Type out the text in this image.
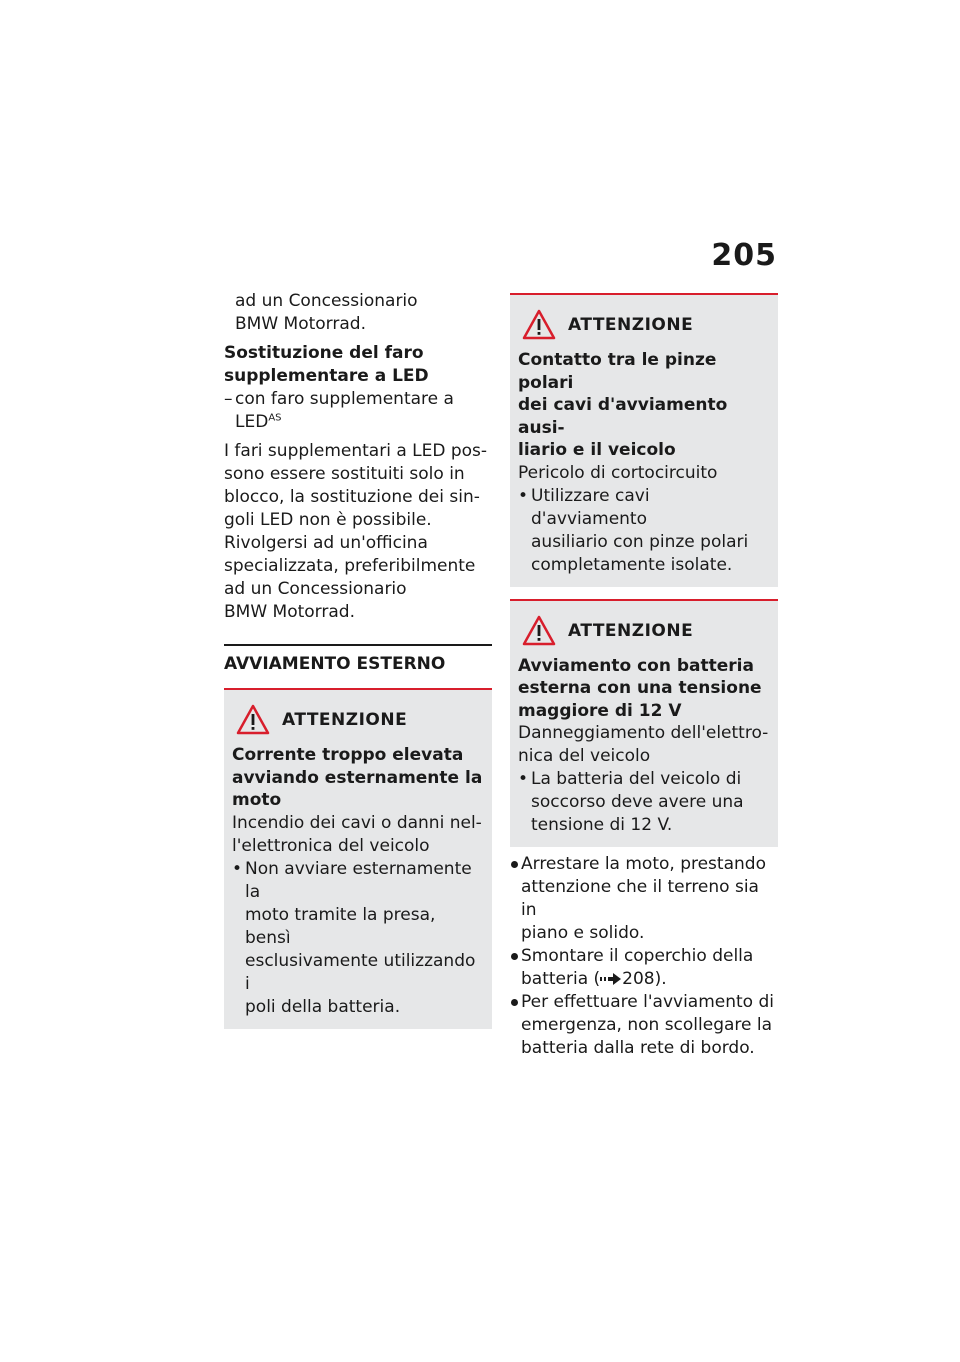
205

ad un Concessionario

BMW Motorrad.

Sostituzione del faro

supplementare a LED

– con faro supplementare a

$LED^{AS}$

I fari supplementari a LED pos-

sono essere sostituiti solo in

blocco, la sostituzione dei sin-

goli LED non è possibile.

Rivolgersi ad un'officina

specializzata, preferibilmente

ad un Concessionario

BMW Motorrad.

AVVIAMENTO ESTERNO
ATTENZIONE

Corrente troppo elevata

avviando esternamente la

moto

Incendio dei cavi o danni nel-

l'elettronica del veicolo

• Non avviare esternamente la

moto tramite la presa, bensì

esclusivamente utilizzando i

poli della batteria.

ATTENZIONE

Contatto tra le pinze polari

dei cavi d'avviamento ausi-

liario e il veicolo

Pericolo di cortocircuito

• Utilizzare cavi d'avviamento

ausiliario con pinze polari

completamente isolate.

ATTENZIONE

Avviamento con batteria

esterna con una tensione

maggiore di 12 V

Danneggiamento dell'elettro-

nica del veicolo

• La batteria del veicolo di

soccorso deve avere una

tensione di 12 V.

Arrestare la moto, prestando

attenzione che il terreno sia in

piano e solido.

Smontare il coperchio della

batteria ( 208).

Per effettuare l'avviamento di

emergenza, non scollegare la

batteria dalla rete di bordo.
